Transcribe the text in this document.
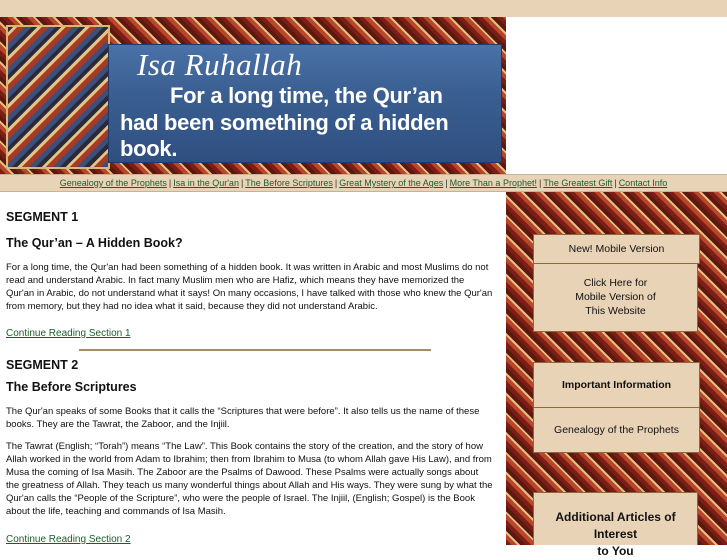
Isa Ruhallah
For a long time, the Qur’an
had been something of a hidden book.
Genealogy of the Prophets | Isa in the Qur'an | The Before Scriptures | Great Mystery of the Ages | More Than a Prophet! | The Greatest Gift | Contact Info
SEGMENT 1
The Qur’an – A Hidden Book?

For a long time, the Qur'an had been something of a hidden book. It was written in Arabic and most Muslims do not read and understand Arabic. In fact many Muslim men who are Hafiz, which means they have memorized the Qur'an in Arabic, do not understand what it says! On many occasions, I have talked with those who knew the Qur'an from memory, but they had no idea what it said, because they did not understand Arabic.

Continue Reading Section 1
SEGMENT 2
The Before Scriptures

The Qur'an speaks of some Books that it calls the “Scriptures that were before”. It also tells us the name of these books. They are the Tawrat, the Zaboor, and the Injiil.

The Tawrat (English; “Torah”) means “The Law”. This Book contains the story of the creation, and the story of how Allah worked in the world from Adam to Ibrahim; then from Ibrahim to Musa (to whom Allah gave His Law), and from Musa the coming of Isa Masih. The Zaboor are the Psalms of Dawood. These Psalms were actually songs about the greatness of Allah. They teach us many wonderful things about Allah and His ways. They were sung by what the Qur'an calls the “People of the Scripture”, who were the people of Israel. The Injiil, (English; Gospel) is the Book about the life, teaching and commands of Isa Masih.

Continue Reading Section 2
New! Mobile Version
Click Here for
Mobile Version of
This Website
Important Information
Genealogy of the Prophets
Additional Articles of Interest
to You
